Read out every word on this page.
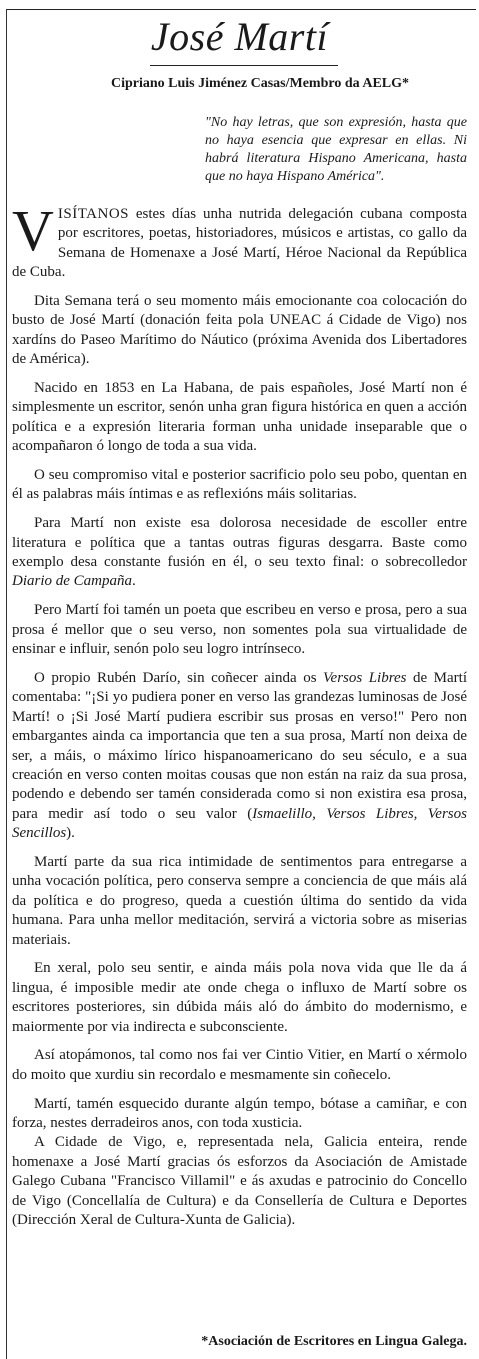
José Martí
Cipriano Luis Jiménez Casas/Membro da AELG*

"No hay letras, que son expresión, hasta que no haya esencia que expresar en ellas. Ni habrá literatura Hispano Americana, hasta que no haya Hispano América".

VISÍTANOS estes días unha nutrida delegación cubana composta por escritores, poetas, historiadores, músicos e artistas, co gallo da Semana de Homenaxe a José Martí, Héroe Nacional da República de Cuba.

Dita Semana terá o seu momento máis emocionante coa colocación do busto de José Martí (donación feita pola UNEAC á Cidade de Vigo) nos xardíns do Paseo Marítimo do Náutico (próxima Avenida dos Libertadores de América).

Nacido en 1853 en La Habana, de pais españoles, José Martí non é simplesmente un escritor, senón unha gran figura histórica en quen a acción política e a expresión literaria forman unha unidade inseparable que o acompañaron ó longo de toda a sua vida.

O seu compromiso vital e posterior sacrificio polo seu pobo, quentan en él as palabras máis íntimas e as reflexións máis solitarias.

Para Martí non existe esa dolorosa necesidade de escoller entre literatura e política que a tantas outras figuras desgarra. Baste como exemplo desa constante fusión en él, o seu texto final: o sobrecolledor Diario de Campaña.

Pero Martí foi tamén un poeta que escribeu en verso e prosa, pero a sua prosa é mellor que o seu verso, non somentes pola sua virtualidade de ensinar e influir, senón polo seu logro intrínseco.

O propio Rubén Darío, sin coñecer ainda os Versos Libres de Martí comentaba: "¡Si yo pudiera poner en verso las grandezas luminosas de José Martí! o ¡Si José Martí pudiera escribir sus prosas en verso!" Pero non embargantes ainda ca importancia que ten a sua prosa, Martí non deixa de ser, a máis, o máximo lírico hispanoamericano do seu século, e a sua creación en verso conten moitas cousas que non están na raiz da sua prosa, podendo e debendo ser tamén considerada como si non existira esa prosa, para medir así todo o seu valor (Ismaelillo, Versos Libres, Versos Sencillos).

Martí parte da sua rica intimidade de sentimentos para entregarse a unha vocación política, pero conserva sempre a conciencia de que máis alá da política e do progreso, queda a cuestión última do sentido da vida humana. Para unha mellor meditación, servirá a victoria sobre as miserias materiais.

En xeral, polo seu sentir, e ainda máis pola nova vida que lle da á lingua, é imposible medir ate onde chega o influxo de Martí sobre os escritores posteriores, sin dúbida máis aló do ámbito do modernismo, e maiormente por via indirecta e subconsciente.

Así atopámonos, tal como nos fai ver Cintio Vitier, en Martí o xérmolo do moito que xurdiu sin recordalo e mesmamente sin coñecelo.

Martí, tamén esquecido durante algún tempo, bótase a camiñar, e con forza, nestes derradeiros anos, con toda xusticia.

A Cidade de Vigo, e, representada nela, Galicia enteira, rende homenaxe a José Martí gracias ós esforzos da Asociación de Amistade Galego Cubana "Francisco Villamil" e ás axudas e patrocinio do Concello de Vigo (Concellalía de Cultura) e da Consellería de Cultura e Deportes (Dirección Xeral de Cultura-Xunta de Galicia).

*Asociación de Escritores en Lingua Galega.
